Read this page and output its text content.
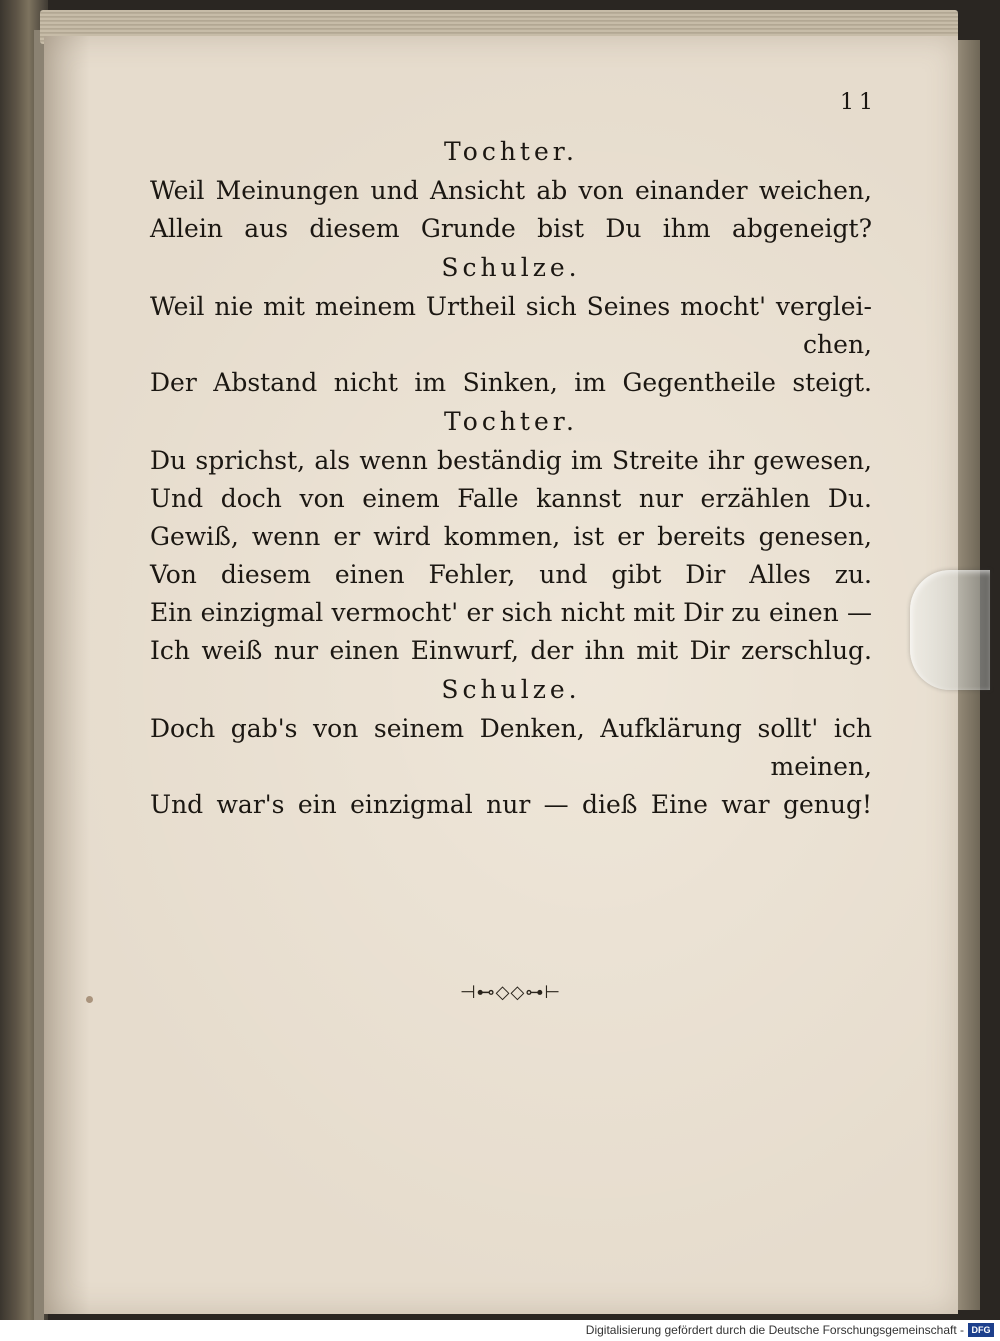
11
Tochter.
Weil Meinungen und Ansicht ab von einander weichen,
Allein aus diesem Grunde bist Du ihm abgeneigt?
Schulze.
Weil nie mit meinem Urtheil sich Seines mocht' verglei-
chen,
Der Abstand nicht im Sinken, im Gegentheile steigt.
Tochter.
Du sprichst, als wenn beständig im Streite ihr gewesen,
Und doch von einem Falle kannst nur erzählen Du.
Gewiß, wenn er wird kommen, ist er bereits genesen,
Von diesem einen Fehler, und gibt Dir Alles zu.
Ein einzigmal vermocht' er sich nicht mit Dir zu einen —
Ich weiß nur einen Einwurf, der ihn mit Dir zerschlug.
Schulze.
Doch gab's von seinem Denken, Aufklärung sollt' ich
meinen,
Und war's ein einzigmal nur — dieß Eine war genug!
⊣⊷◇◇⊶⊢
Digitalisierung gefördert durch die Deutsche Forschungsgemeinschaft - DFG
